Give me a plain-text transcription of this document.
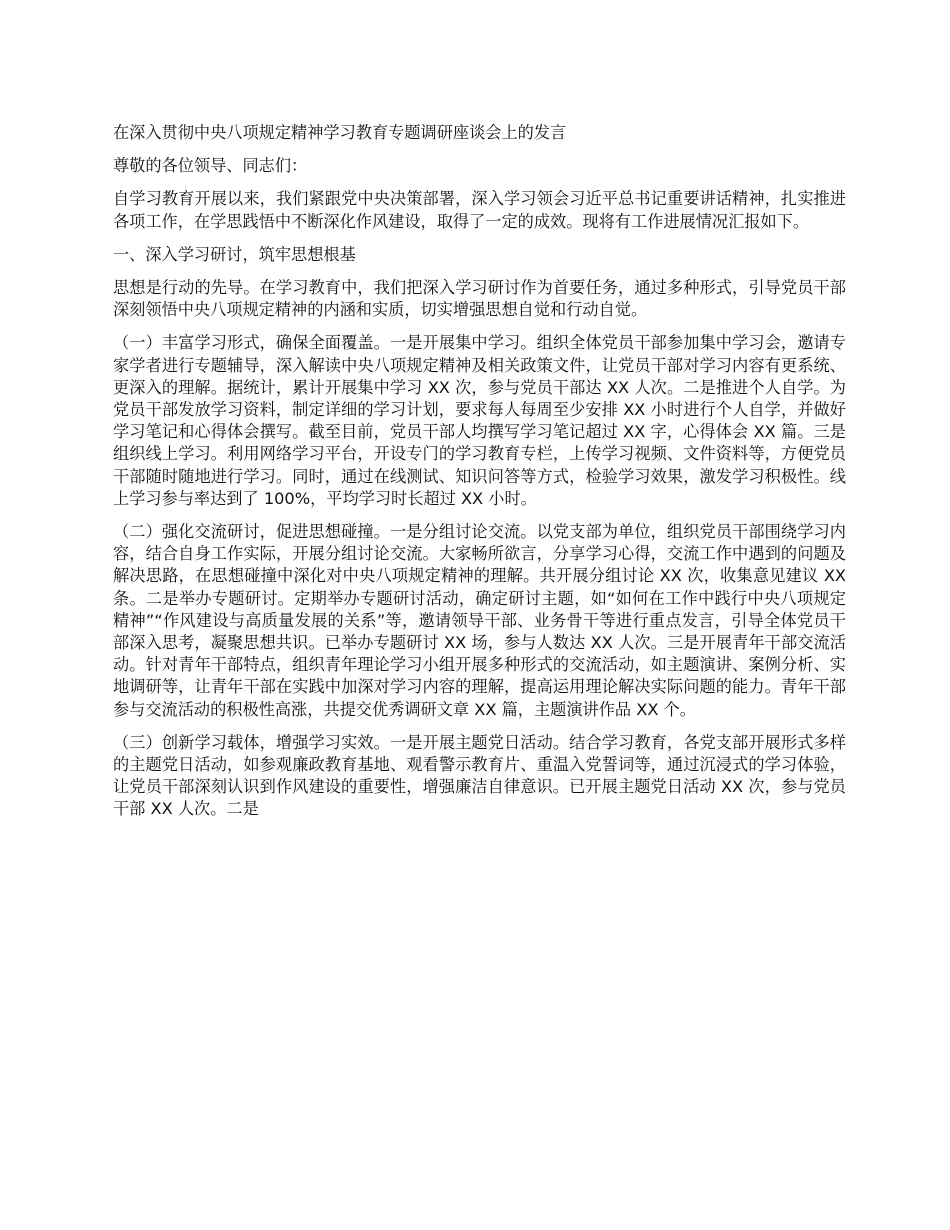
在深入贯彻中央八项规定精神学习教育专题调研座谈会上的发言

尊敬的各位领导、同志们：

自学习教育开展以来，我们紧跟党中央决策部署，深入学习领会习近平总书记重要讲话精神，扎实推进各项工作，在学思践悟中不断深化作风建设，取得了一定的成效。现将有工作进展情况汇报如下。

一、深入学习研讨，筑牢思想根基

思想是行动的先导。在学习教育中，我们把深入学习研讨作为首要任务，通过多种形式，引导党员干部深刻领悟中央八项规定精神的内涵和实质，切实增强思想自觉和行动自觉。

（一）丰富学习形式，确保全面覆盖。一是开展集中学习。组织全体党员干部参加集中学习会，邀请专家学者进行专题辅导，深入解读中央八项规定精神及相关政策文件，让党员干部对学习内容有更系统、更深入的理解。据统计，累计开展集中学习 XX 次，参与党员干部达 XX 人次。二是推进个人自学。为党员干部发放学习资料，制定详细的学习计划，要求每人每周至少安排 XX 小时进行个人自学，并做好学习笔记和心得体会撰写。截至目前，党员干部人均撰写学习笔记超过 XX 字，心得体会 XX 篇。三是组织线上学习。利用网络学习平台，开设专门的学习教育专栏，上传学习视频、文件资料等，方便党员干部随时随地进行学习。同时，通过在线测试、知识问答等方式，检验学习效果，激发学习积极性。线上学习参与率达到了 100%，平均学习时长超过 XX 小时。

（二）强化交流研讨，促进思想碰撞。一是分组讨论交流。以党支部为单位，组织党员干部围绕学习内容，结合自身工作实际，开展分组讨论交流。大家畅所欲言，分享学习心得，交流工作中遇到的问题及解决思路，在思想碰撞中深化对中央八项规定精神的理解。共开展分组讨论 XX 次，收集意见建议 XX 条。二是举办专题研讨。定期举办专题研讨活动，确定研讨主题，如“如何在工作中践行中央八项规定精神”“作风建设与高质量发展的关系”等，邀请领导干部、业务骨干等进行重点发言，引导全体党员干部深入思考，凝聚思想共识。已举办专题研讨 XX 场，参与人数达 XX 人次。三是开展青年干部交流活动。针对青年干部特点，组织青年理论学习小组开展多种形式的交流活动，如主题演讲、案例分析、实地调研等，让青年干部在实践中加深对学习内容的理解，提高运用理论解决实际问题的能力。青年干部参与交流活动的积极性高涨，共提交优秀调研文章 XX 篇，主题演讲作品 XX 个。

（三）创新学习载体，增强学习实效。一是开展主题党日活动。结合学习教育，各党支部开展形式多样的主题党日活动，如参观廉政教育基地、观看警示教育片、重温入党誓词等，通过沉浸式的学习体验，让党员干部深刻认识到作风建设的重要性，增强廉洁自律意识。已开展主题党日活动 XX 次，参与党员干部 XX 人次。二是
